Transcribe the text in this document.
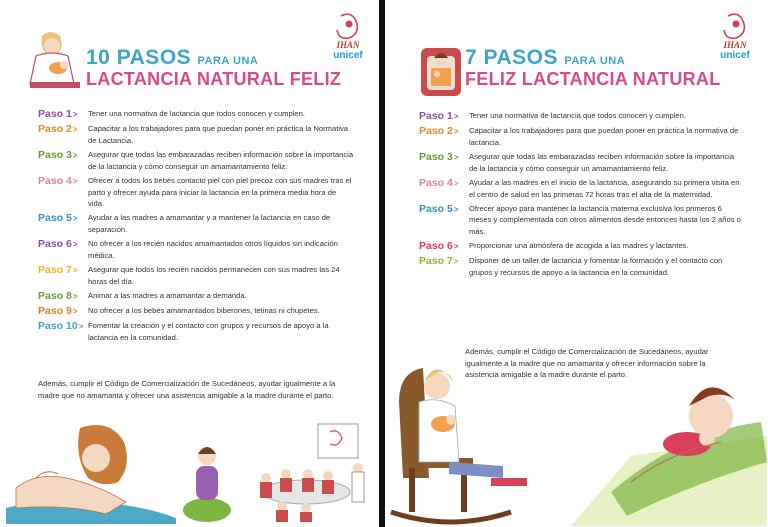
10 PASOS PARA UNA
LACTANCIA NATURAL FELIZ
IHAN
unicef
Paso 1>	Tener una normativa de lactancia que todos conocen y cumplen.
Paso 2>	Capacitar a los trabajadores para que puedan poner en práctica la Normativa de Lactancia.
Paso 3>	Asegurar que todas las embarazadas reciben información sobre la importancia de la lactancia y cómo conseguir un amamantamiento feliz.
Paso 4>	Ofrecer a todos los bebés contacto piel con piel precoz con sus madres tras el parto y ofrecer ayuda para iniciar la lactancia en la primera media hora de vida.
Paso 5>	Ayudar a las madres a amamantar y a mantener la lactancia en caso de separación.
Paso 6>	No ofrecer a los recién nacidos amamantados otros líquidos sin indicación médica.
Paso 7>	Asegurar que todos los recién nacidos permanecen con sus madres las 24 horas del día.
Paso 8>	Animar a las madres a amamantar a demanda.
Paso 9>	No ofrecer a los bebés amamantados biberones, tetinas ni chupetes.
Paso 10> Fomentar la creación y el contacto con grupos y recursos de apoyo a la lactancia en la comunidad.
Además, cumplir el Código de Comercialización de Sucedáneos, ayudar igualmente a la madre que no amamanta y ofrecer una asistencia amigable a la madre durante el parto.
7 PASOS PARA UNA
FELIZ LACTANCIA NATURAL
IHAN
unicef
Paso 1>	Tener una normativa de lactancia que todos conocen y cumplen.
Paso 2>	Capacitar a los trabajadores para que puedan poner en práctica la normativa de lactancia.
Paso 3>	Asegurar que todas las embarazadas reciben información sobre la importancia de la lactancia y cómo conseguir un amamantamiento feliz.
Paso 4>	Ayudar a las madres en el inicio de la lactancia, asegurando su primera visita en el centro de salud en las primeras 72 horas tras el alta de la maternidad.
Paso 5>	Ofrecer apoyo para mantener la lactancia materna exclusiva los primeros 6 meses y complementada con otros alimentos desde entonces hasta los 2 años o más.
Paso 6>	Proporcionar una atmósfera de acogida a las madres y lactantes.
Paso 7>	Disponer de un taller de lactancia y fomentar la formación y el contacto con grupos y recursos de apoyo a la lactancia en la comunidad.
Además, cumplir el Código de Comercialización de Sucedáneos, ayudar igualmente a la madre que no amamanta y ofrecer información sobre la asistencia amigable a la madre durante el parto.
